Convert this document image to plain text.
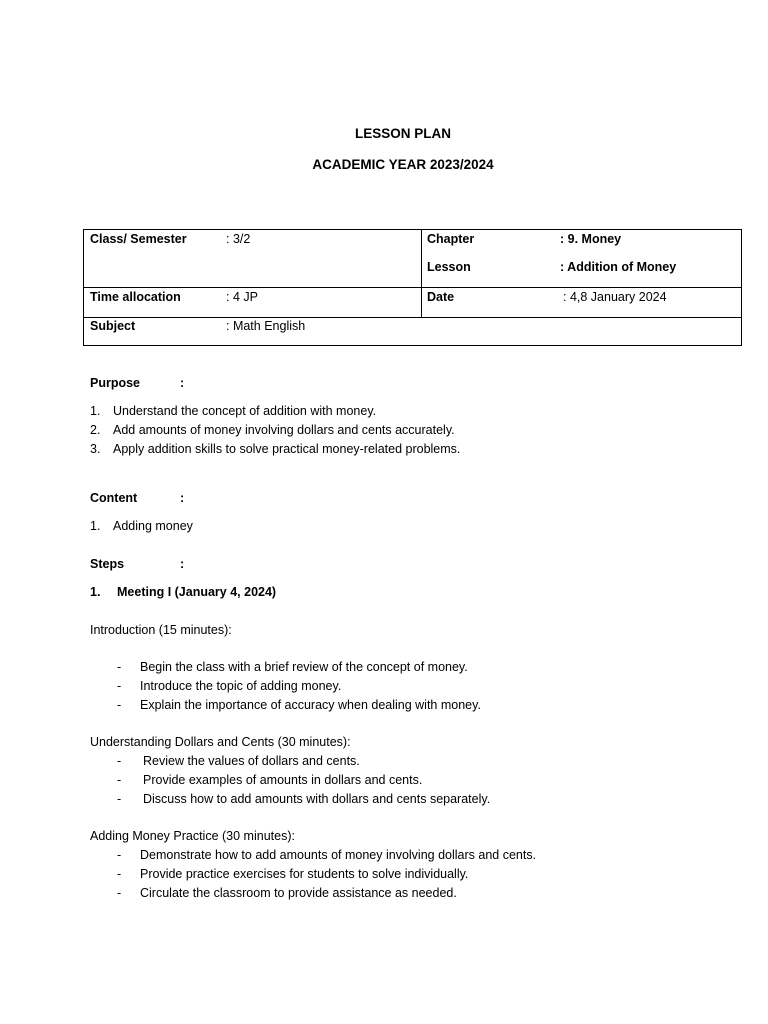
LESSON PLAN
ACADEMIC YEAR 2023/2024
Class/ Semester	: 3/2	Chapter	: 9. Money
Lesson	: Addition of Money
Time allocation	: 4 JP	Date	: 4,8 January 2024
Subject	: Math English
Purpose	:
1. Understand the concept of addition with money.
2. Add amounts of money involving dollars and cents accurately.
3. Apply addition skills to solve practical money-related problems.
Content	:
1. Adding money
Steps	:
1. Meeting I (January 4, 2024)
Introduction (15 minutes):
- Begin the class with a brief review of the concept of money.
- Introduce the topic of adding money.
- Explain the importance of accuracy when dealing with money.
Understanding Dollars and Cents (30 minutes):
- Review the values of dollars and cents.
- Provide examples of amounts in dollars and cents.
- Discuss how to add amounts with dollars and cents separately.
Adding Money Practice (30 minutes):
- Demonstrate how to add amounts of money involving dollars and cents.
- Provide practice exercises for students to solve individually.
- Circulate the classroom to provide assistance as needed.
